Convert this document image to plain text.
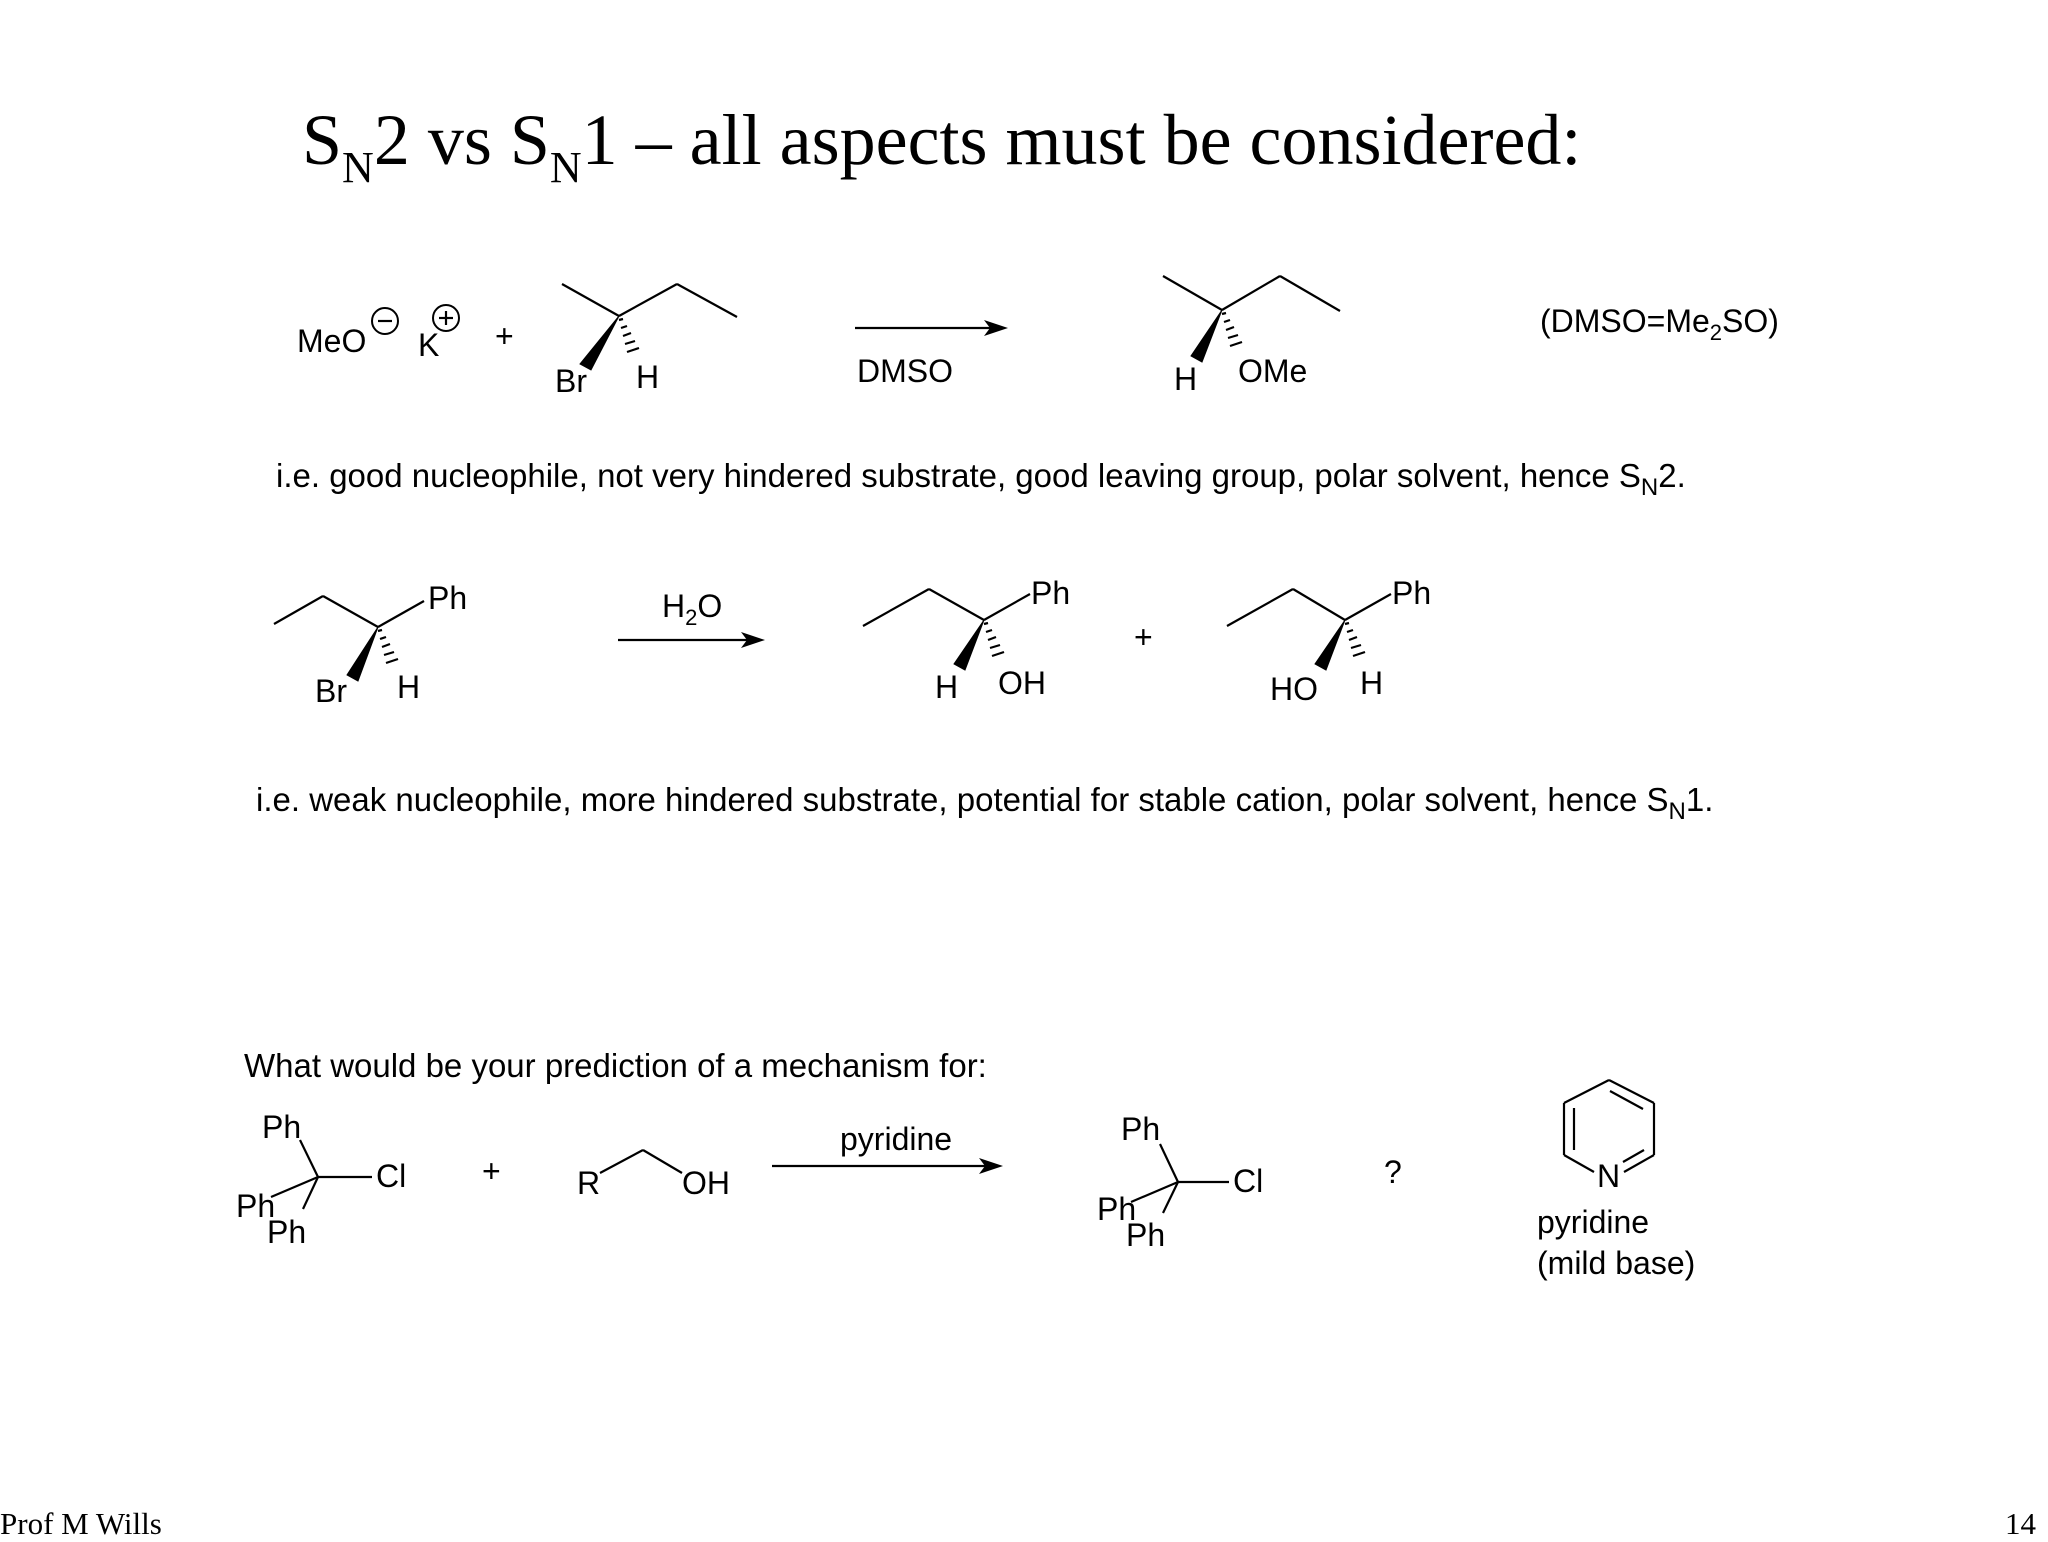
$S_N2$ vs $S_N1$ – all aspects must be considered:
i.e. good nucleophile, not very hindered substrate, good leaving group, polar solvent, hence $S_N2$.
i.e. weak nucleophile, more hindered substrate, potential for stable cation, polar solvent, hence $S_N1$.
What would be your prediction of a mechanism for:
Prof M Wills	14
MeO K +
Br H	DMSO	H OMe
$(DMSO=Me_2SO)$
Ph
Br H
$H_2O$	Ph
H OH
+
Ph
HO H
Ph
Cl
Ph
Ph
+ R	OH
pyridine	Ph
Cl
Ph
Ph
?	N
pyridine
(mild base)
